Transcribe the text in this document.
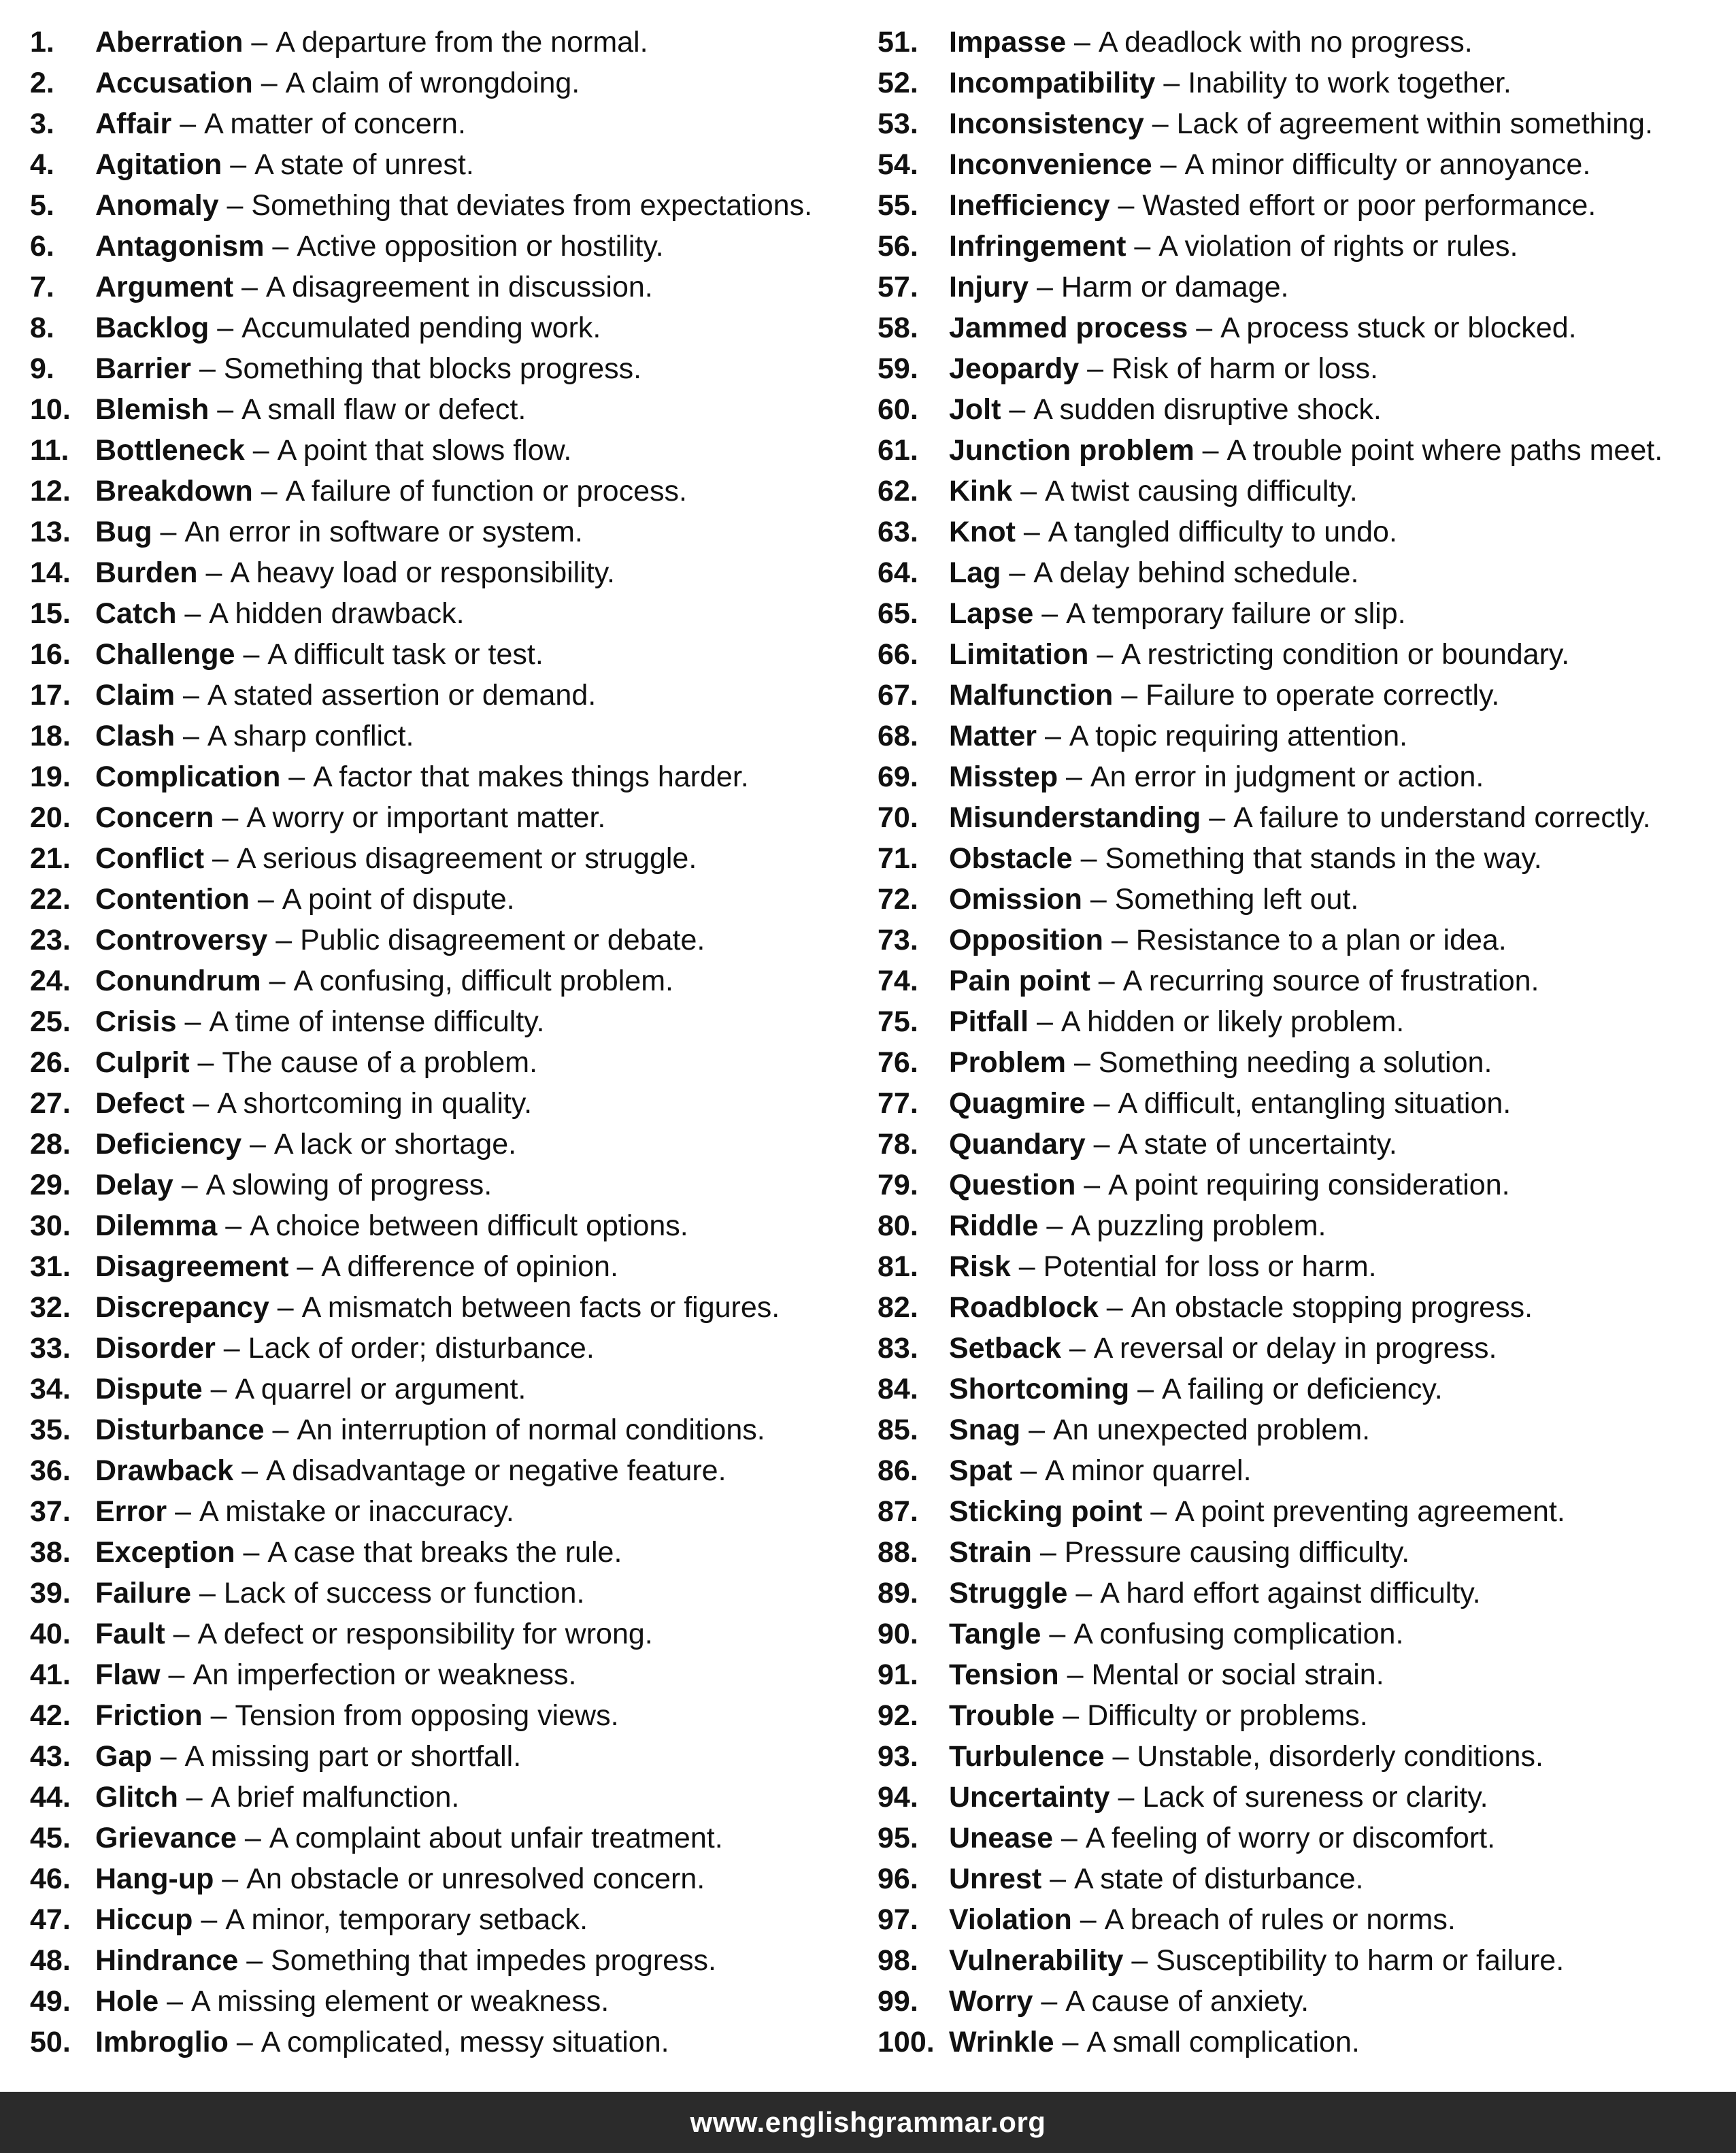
1.	Aberration – A departure from the normal.
2.	Accusation – A claim of wrongdoing.
3.	Affair – A matter of concern.
4.	Agitation – A state of unrest.
5.	Anomaly – Something that deviates from expectations.
6.	Antagonism – Active opposition or hostility.
7.	Argument – A disagreement in discussion.
8.	Backlog – Accumulated pending work.
9.	Barrier – Something that blocks progress.
10. Blemish – A small flaw or defect.
11. Bottleneck – A point that slows flow.
12. Breakdown – A failure of function or process.
13. Bug – An error in software or system.
14. Burden – A heavy load or responsibility.
15. Catch – A hidden drawback.
16. Challenge – A difficult task or test.
17. Claim – A stated assertion or demand.
18. Clash – A sharp conflict.
19. Complication – A factor that makes things harder.
20. Concern – A worry or important matter.
21. Conflict – A serious disagreement or struggle.
22. Contention – A point of dispute.
23. Controversy – Public disagreement or debate.
24. Conundrum – A confusing, difficult problem.
25. Crisis – A time of intense difficulty.
26. Culprit – The cause of a problem.
27. Defect – A shortcoming in quality.
28. Deficiency – A lack or shortage.
29. Delay – A slowing of progress.
30. Dilemma – A choice between difficult options.
31. Disagreement – A difference of opinion.
32. Discrepancy – A mismatch between facts or figures.
33. Disorder – Lack of order; disturbance.
34. Dispute – A quarrel or argument.
35. Disturbance – An interruption of normal conditions.
36. Drawback – A disadvantage or negative feature.
37. Error – A mistake or inaccuracy.
38. Exception – A case that breaks the rule.
39. Failure – Lack of success or function.
40. Fault – A defect or responsibility for wrong.
41. Flaw – An imperfection or weakness.
42. Friction – Tension from opposing views.
43. Gap – A missing part or shortfall.
44. Glitch – A brief malfunction.
45. Grievance – A complaint about unfair treatment.
46. Hang-up – An obstacle or unresolved concern.
47. Hiccup – A minor, temporary setback.
48. Hindrance – Something that impedes progress.
49. Hole – A missing element or weakness.
50. Imbroglio – A complicated, messy situation.
51.	Impasse – A deadlock with no progress.
52.	Incompatibility – Inability to work together.
53.	Inconsistency – Lack of agreement within something.
54.	Inconvenience – A minor difficulty or annoyance.
55.	Inefficiency – Wasted effort or poor performance.
56.	Infringement – A violation of rights or rules.
57.	Injury – Harm or damage.
58.	Jammed process – A process stuck or blocked.
59.	Jeopardy – Risk of harm or loss.
60.	Jolt – A sudden disruptive shock.
61.	Junction problem – A trouble point where paths meet.
62.	Kink – A twist causing difficulty.
63.	Knot – A tangled difficulty to undo.
64.	Lag – A delay behind schedule.
65.	Lapse – A temporary failure or slip.
66.	Limitation – A restricting condition or boundary.
67.	Malfunction – Failure to operate correctly.
68.	Matter – A topic requiring attention.
69.	Misstep – An error in judgment or action.
70.	Misunderstanding – A failure to understand correctly.
71.	Obstacle – Something that stands in the way.
72.	Omission – Something left out.
73.	Opposition – Resistance to a plan or idea.
74.	Pain point – A recurring source of frustration.
75.	Pitfall – A hidden or likely problem.
76.	Problem – Something needing a solution.
77.	Quagmire – A difficult, entangling situation.
78.	Quandary – A state of uncertainty.
79.	Question – A point requiring consideration.
80.	Riddle – A puzzling problem.
81.	Risk – Potential for loss or harm.
82.	Roadblock – An obstacle stopping progress.
83.	Setback – A reversal or delay in progress.
84.	Shortcoming – A failing or deficiency.
85.	Snag – An unexpected problem.
86.	Spat – A minor quarrel.
87.	Sticking point – A point preventing agreement.
88.	Strain – Pressure causing difficulty.
89.	Struggle – A hard effort against difficulty.
90.	Tangle – A confusing complication.
91.	Tension – Mental or social strain.
92.	Trouble – Difficulty or problems.
93.	Turbulence – Unstable, disorderly conditions.
94.	Uncertainty – Lack of sureness or clarity.
95.	Unease – A feeling of worry or discomfort.
96.	Unrest – A state of disturbance.
97.	Violation – A breach of rules or norms.
98.	Vulnerability – Susceptibility to harm or failure.
99.	Worry – A cause of anxiety.
100. Wrinkle – A small complication.
www.englishgrammar.org
